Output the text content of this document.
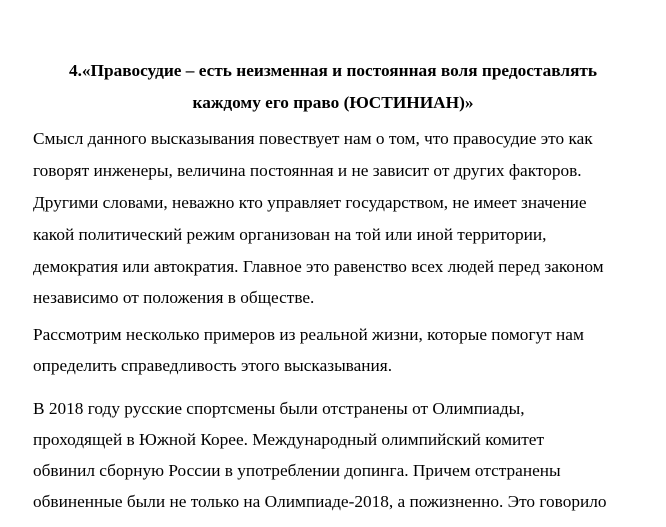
4.«Правосудие – есть неизменная и постоянная воля предоставлять
каждому его право (ЮСТИНИАН)»

Смысл данного высказывания повествует нам о том, что правосудие это как

говорят инженеры, величина постоянная и не зависит от других факторов.

Другими словами, неважно кто управляет государством, не имеет значение

какой политический режим организован на той или иной территории,

демократия или автократия. Главное это равенство всех людей перед законом

независимо от положения в обществе.

Рассмотрим несколько примеров из реальной жизни, которые помогут нам

определить справедливость этого высказывания.

В 2018 году русские спортсмены были отстранены от Олимпиады,

проходящей в Южной Корее. Международный олимпийский комитет

обвинил сборную России в употреблении допинга. Причем отстранены

обвиненные были не только на Олимпиаде-2018, а пожизненно. Это говорило
